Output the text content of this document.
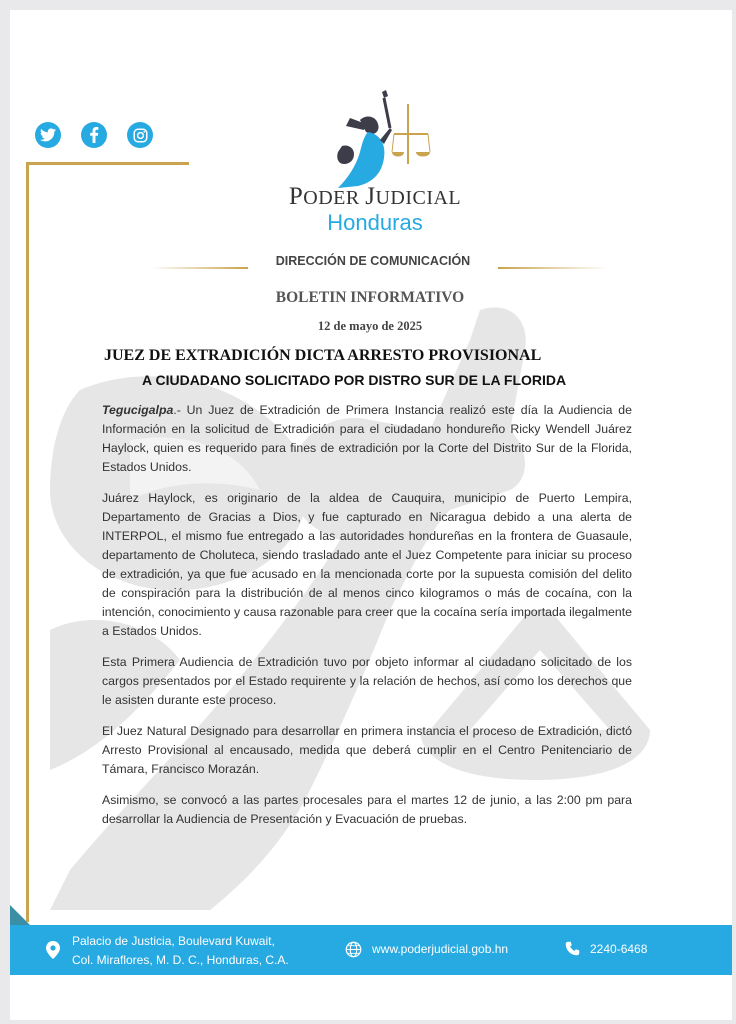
PODER JUDICIAL
Honduras
DIRECCIÓN DE COMUNICACIÓN
BOLETIN INFORMATIVO
12 de mayo de 2025
JUEZ DE EXTRADICIÓN DICTA ARRESTO PROVISIONAL
A CIUDADANO SOLICITADO POR DISTRO SUR DE LA FLORIDA

Tegucigalpa.- Un Juez de Extradición de Primera Instancia realizó este día la Audiencia de Información en la solicitud de Extradición para el ciudadano hondureño Ricky Wendell Juárez Haylock, quien es requerido para fines de extradición por la Corte del Distrito Sur de la Florida, Estados Unidos.

Juárez Haylock, es originario de la aldea de Cauquira, municipio de Puerto Lempira, Departamento de Gracias a Dios, y fue capturado en Nicaragua debido a una alerta de INTERPOL, el mismo fue entregado a las autoridades hondureñas en la frontera de Guasaule, departamento de Choluteca, siendo trasladado ante el Juez Competente para iniciar su proceso de extradición, ya que fue acusado en la mencionada corte por la supuesta comisión del delito de conspiración para la distribución de al menos cinco kilogramos o más de cocaína, con la intención, conocimiento y causa razonable para creer que la cocaína sería importada ilegalmente a Estados Unidos.

Esta Primera Audiencia de Extradición tuvo por objeto informar al ciudadano solicitado de los cargos presentados por el Estado requirente y la relación de hechos, así como los derechos que le asisten durante este proceso.

El Juez Natural Designado para desarrollar en primera instancia el proceso de Extradición, dictó Arresto Provisional al encausado, medida que deberá cumplir en el Centro Penitenciario de Támara, Francisco Morazán.

Asimismo, se convocó a las partes procesales para el martes 12 de junio, a las 2:00 pm para desarrollar la Audiencia de Presentación y Evacuación de pruebas.

Palacio de Justicia, Boulevard Kuwait,
Col. Miraflores, M. D. C., Honduras, C.A.
www.poderjudicial.gob.hn	2240-6468
